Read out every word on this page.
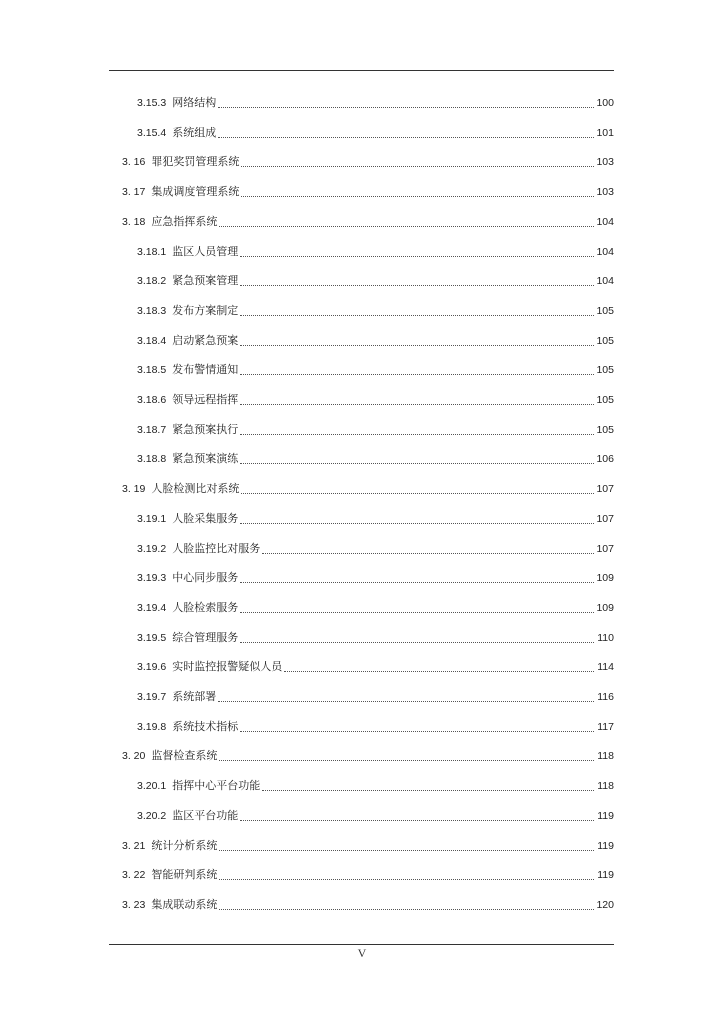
3.15.3 网络结构	100
3.15.4 系统组成	101
3. 16 罪犯奖罚管理系统	103
3. 17 集成调度管理系统	103
3. 18 应急指挥系统	104
3.18.1 监区人员管理	104
3.18.2 紧急预案管理	104
3.18.3 发布方案制定	105
3.18.4 启动紧急预案	105
3.18.5 发布警情通知	105
3.18.6 领导远程指挥	105
3.18.7 紧急预案执行	105
3.18.8 紧急预案演练	106
3. 19 人脸检测比对系统	107
3.19.1 人脸采集服务	107
3.19.2 人脸监控比对服务	107
3.19.3 中心同步服务	109
3.19.4 人脸检索服务	109
3.19.5 综合管理服务	110
3.19.6 实时监控报警疑似人员	114
3.19.7 系统部署	116
3.19.8 系统技术指标	117
3. 20 监督检查系统	118
3.20.1 指挥中心平台功能	118
3.20.2 监区平台功能	119
3. 21 统计分析系统	119
3. 22 智能研判系统	119
3. 23 集成联动系统	120
V
